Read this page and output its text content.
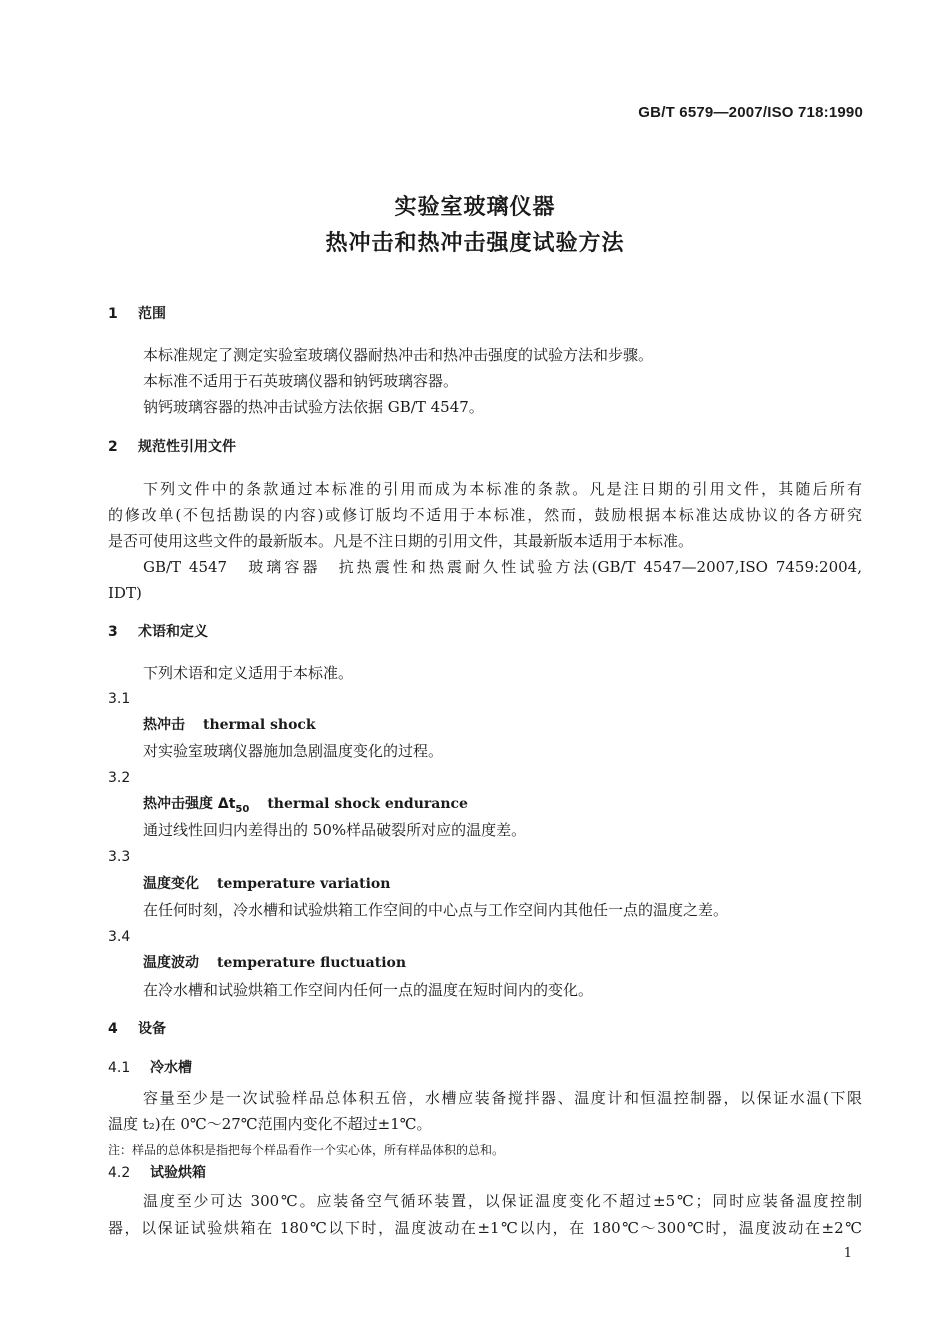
GB/T 6579—2007/ISO 718:1990
实验室玻璃仪器
热冲击和热冲击强度试验方法
1 范围
本标准规定了测定实验室玻璃仪器耐热冲击和热冲击强度的试验方法和步骤。
本标准不适用于石英玻璃仪器和钠钙玻璃容器。
钠钙玻璃容器的热冲击试验方法依据 GB/T 4547。
2 规范性引用文件
下列文件中的条款通过本标准的引用而成为本标准的条款。凡是注日期的引用文件，其随后所有
的修改单(不包括勘误的内容)或修订版均不适用于本标准，然而，鼓励根据本标准达成协议的各方研究
是否可使用这些文件的最新版本。凡是不注日期的引用文件，其最新版本适用于本标准。
GB/T 4547　玻璃容器　抗热震性和热震耐久性试验方法(GB/T 4547—2007,ISO 7459:2004,
IDT)
3 术语和定义
下列术语和定义适用于本标准。
3.1
热冲击 thermal shock
对实验室玻璃仪器施加急剧温度变化的过程。
3.2
热冲击强度 $\Delta t_{50}$ thermal shock endurance
通过线性回归内差得出的 50%样品破裂所对应的温度差。
3.3
温度变化 temperature variation
在任何时刻，冷水槽和试验烘箱工作空间的中心点与工作空间内其他任一点的温度之差。
3.4
温度波动 temperature fluctuation
在冷水槽和试验烘箱工作空间内任何一点的温度在短时间内的变化。
4 设备
4.1 冷水槽
容量至少是一次试验样品总体积五倍，水槽应装备搅拌器、温度计和恒温控制器，以保证水温(下限
温度 t₂)在 0℃～27℃范围内变化不超过±1℃。
注：样品的总体积是指把每个样品看作一个实心体，所有样品体积的总和。
4.2 试验烘箱
温度至少可达 300℃。应装备空气循环装置，以保证温度变化不超过±5℃；同时应装备温度控制
器，以保证试验烘箱在 180℃以下时，温度波动在±1℃以内，在 180℃～300℃时，温度波动在±2℃
1
